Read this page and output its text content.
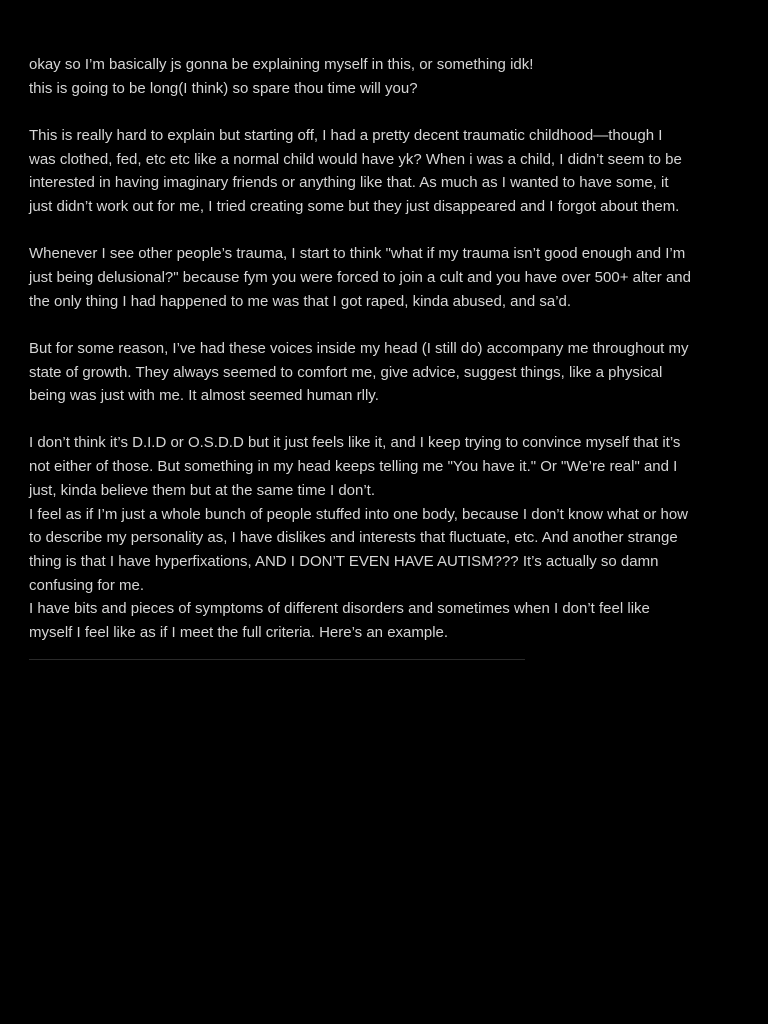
okay so I’m basically js gonna be explaining myself in this, or something idk!
this is going to be long(I think) so spare thou time will you?
This is really hard to explain but starting off, I had a pretty decent traumatic childhood—though I
was clothed, fed, etc etc like a normal child would have yk? When i was a child, I didn’t seem to be
interested in having imaginary friends or anything like that. As much as I wanted to have some, it
just didn’t work out for me, I tried creating some but they just disappeared and I forgot about them.
Whenever I see other people’s trauma, I start to think "what if my trauma isn’t good enough and I’m
just being delusional?" because fym you were forced to join a cult and you have over 500+ alter and
the only thing I had happened to me was that I got raped, kinda abused, and sa’d.
But for some reason, I’ve had these voices inside my head (I still do) accompany me throughout my
state of growth. They always seemed to comfort me, give advice, suggest things, like a physical
being was just with me. It almost seemed human rlly.
I don’t think it’s D.I.D or O.S.D.D but it just feels like it, and I keep trying to convince myself that it’s
not either of those. But something in my head keeps telling me "You have it." Or "We’re real" and I
just, kinda believe them but at the same time I don’t.
I feel as if I’m just a whole bunch of people stuffed into one body, because I don’t know what or how
to describe my personality as, I have dislikes and interests that fluctuate, etc. And another strange
thing is that I have hyperfixations, AND I DON’T EVEN HAVE AUTISM??? It’s actually so damn
confusing for me.
I have bits and pieces of symptoms of different disorders and sometimes when I don’t feel like
myself I feel like as if I meet the full criteria. Here’s an example.
